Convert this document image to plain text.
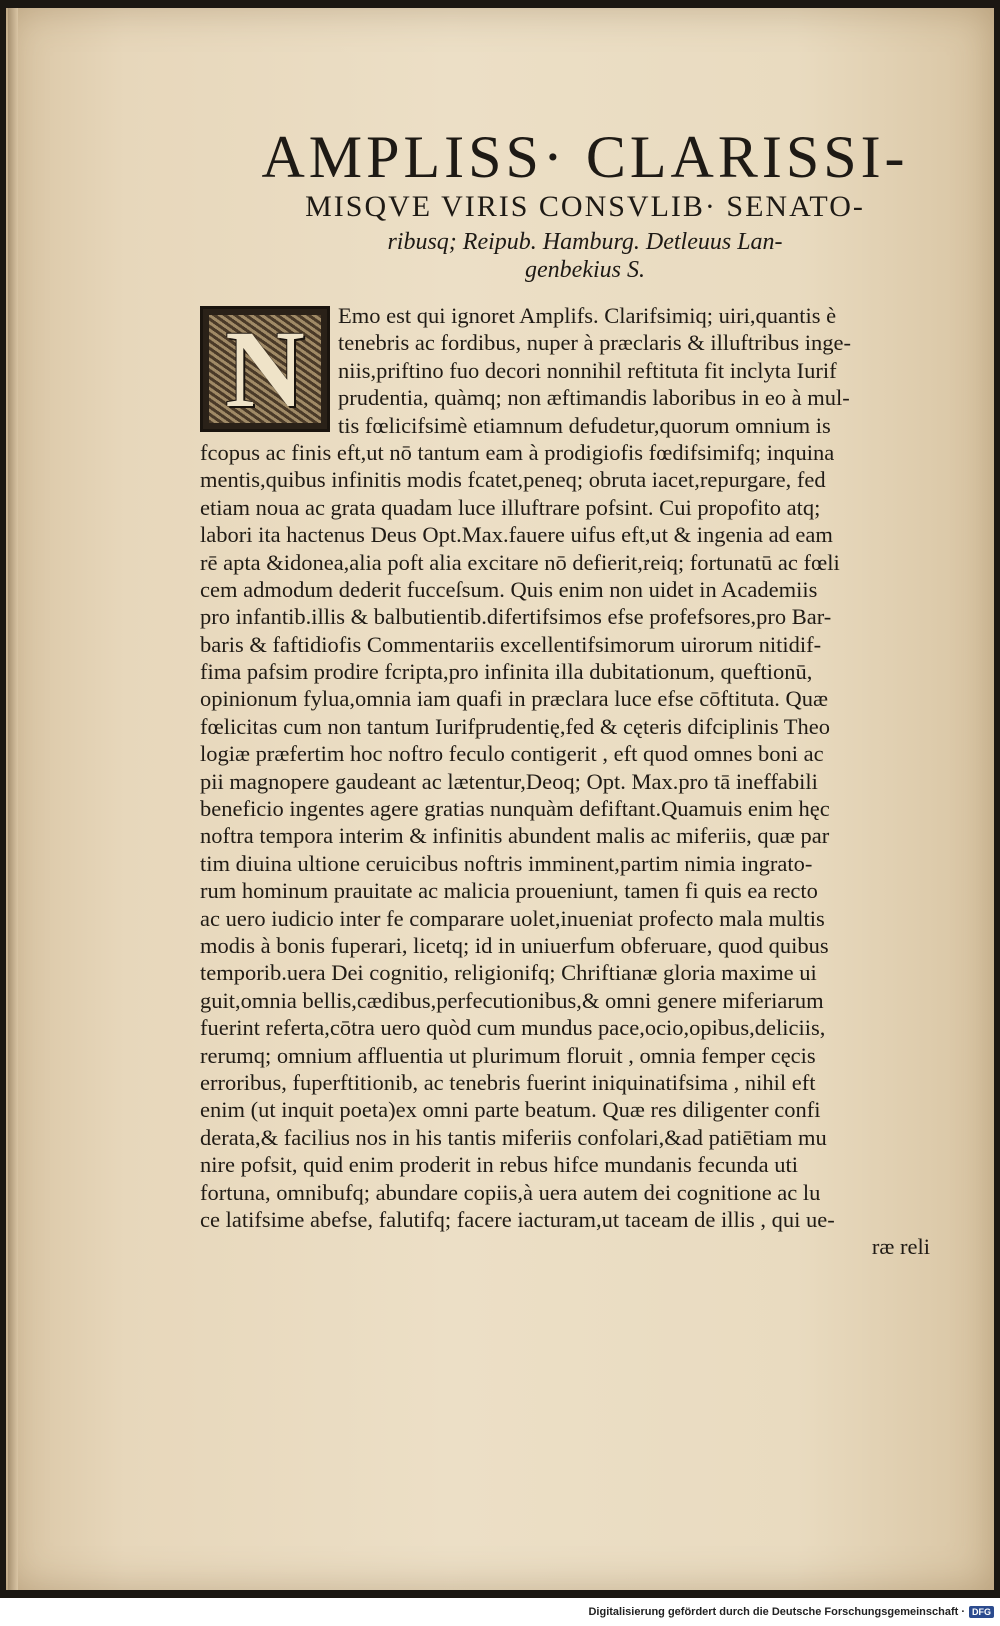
AMPLISS· CLARISSI-
MISQVE VIRIS CONSVLIB· SENATO-
ribusq; Reipub. Hamburg. Detleuus Lan-
genbekius S.
N	Emo est qui ignoret Amplifs. Clarifsimiq; uiri,quantis è
tenebris ac fordibus, nuper à præclaris & illuftribus inge-
niis,priftino fuo decori nonnihil reftituta fit inclyta Iurif
prudentia, quàmq; non æftimandis laboribus in eo à mul-
tis fœlicifsimè etiamnum defudetur,quorum omnium is
fcopus ac finis eft,ut nō tantum eam à prodigiofis fœdifsimifq; inquina
mentis,quibus infinitis modis fcatet,peneq; obruta iacet,repurgare, fed
etiam noua ac grata quadam luce illuftrare pofsint. Cui propofito atq;
labori ita hactenus Deus Opt.Max.fauere uifus eft,ut & ingenia ad eam
rē apta &idonea,alia poft alia excitare nō defierit,reiq; fortunatū ac fœli
cem admodum dederit fucceſsum. Quis enim non uidet in Academiis
pro infantib.illis & balbutientib.difertifsimos efse profefsores,pro Bar-
baris & faftidiofis Commentariis excellentifsimorum uirorum nitidif-
fima pafsim prodire fcripta,pro infinita illa dubitationum, queftionū,
opinionum fylua,omnia iam quafi in præclara luce efse cōftituta. Quæ
fœlicitas cum non tantum Iurifprudentię,fed & cęteris difciplinis Theo
logiæ præfertim hoc noftro feculo contigerit , eft quod omnes boni ac
pii magnopere gaudeant ac lætentur,Deoq; Opt. Max.pro tā ineffabili
beneficio ingentes agere gratias nunquàm defiftant.Quamuis enim hęc
noftra tempora interim & infinitis abundent malis ac miferiis, quæ par
tim diuina ultione ceruicibus noftris imminent,partim nimia ingrato-
rum hominum prauitate ac malicia proueniunt, tamen fi quis ea recto
ac uero iudicio inter fe comparare uolet,inueniat profecto mala multis
modis à bonis fuperari, licetq; id in uniuerfum obferuare, quod quibus
temporib.uera Dei cognitio, religionifq; Chriftianæ gloria maxime ui
guit,omnia bellis,cædibus,perfecutionibus,& omni genere miferiarum
fuerint referta,cōtra uero quòd cum mundus pace,ocio,opibus,deliciis,
rerumq; omnium affluentia ut plurimum floruit , omnia femper cęcis
erroribus, fuperftitionib, ac tenebris fuerint iniquinatifsima , nihil eft
enim (ut inquit poeta)ex omni parte beatum. Quæ res diligenter confi
derata,& facilius nos in his tantis miferiis confolari,&ad patiētiam mu
nire pofsit, quid enim proderit in rebus hifce mundanis fecunda uti
fortuna, omnibufq; abundare copiis,à uera autem dei cognitione ac lu
ce latifsime abefse, falutifq; facere iacturam,ut taceam de illis , qui ue-
ræ reli
Digitalisierung gefördert durch die Deutsche Forschungsgemeinschaft · DFG
